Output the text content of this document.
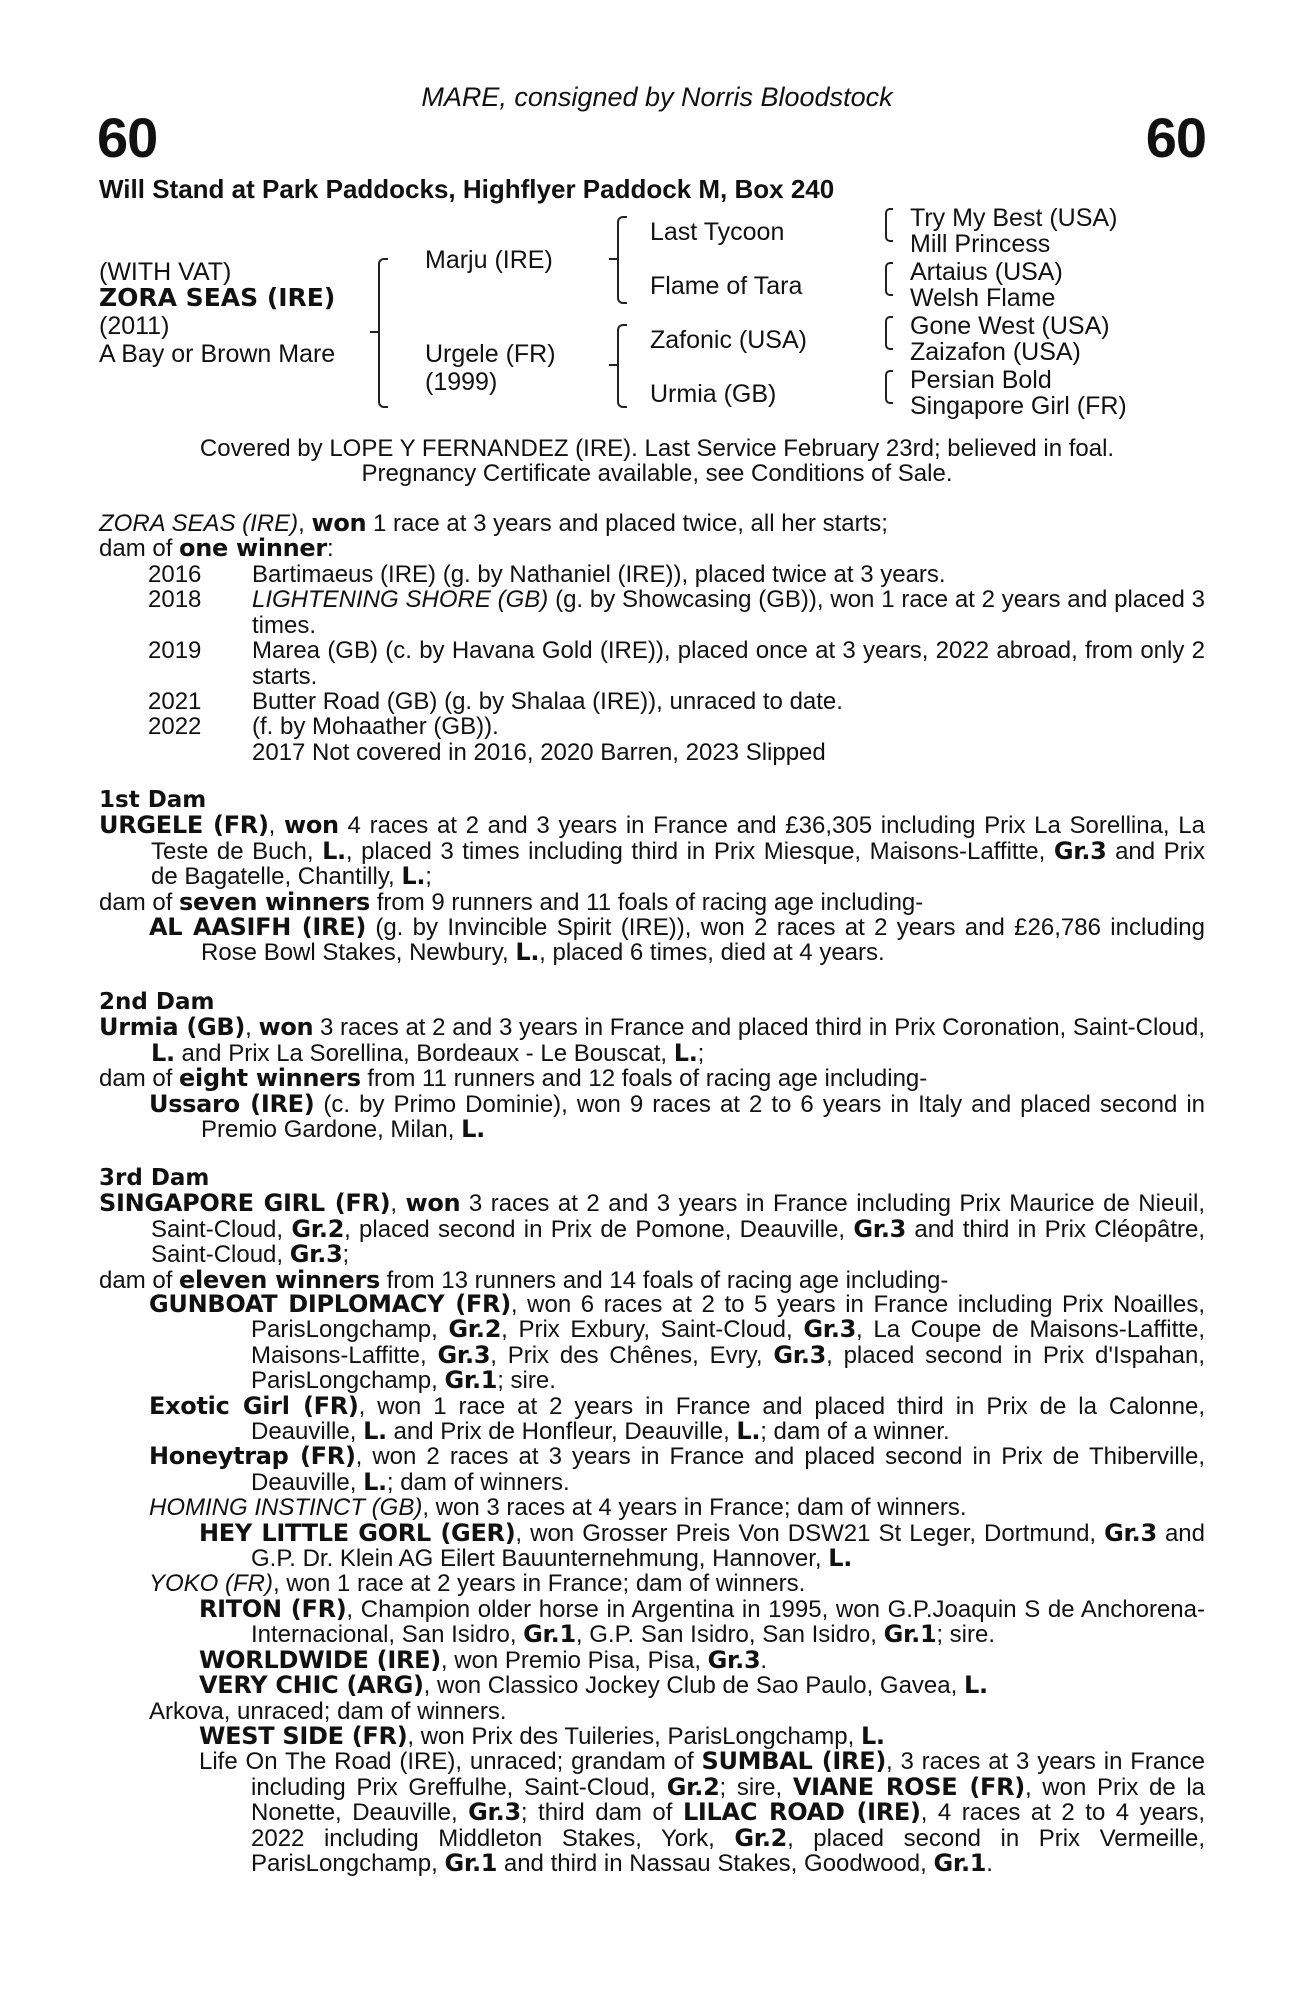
MARE, consigned by Norris Bloodstock
60	60
Will Stand at Park Paddocks, Highflyer Paddock M, Box 240
(WITH VAT)
ZORA SEAS (IRE)
(2011)
A Bay or Brown Mare
Marju (IRE)
Urgele (FR)
(1999)
Last Tycoon
Flame of Tara
Zafonic (USA)
Urmia (GB)
Try My Best (USA)
Mill Princess
Artaius (USA)
Welsh Flame
Gone West (USA)
Zaizafon (USA)
Persian Bold
Singapore Girl (FR)
Covered by LOPE Y FERNANDEZ (IRE). Last Service February 23rd; believed in foal.
Pregnancy Certificate available, see Conditions of Sale.

ZORA SEAS (IRE), won 1 race at 3 years and placed twice, all her starts;

dam of one winner:

2016 Bartimaeus (IRE) (g. by Nathaniel (IRE)), placed twice at 3 years.
2018 LIGHTENING SHORE (GB) (g. by Showcasing (GB)), won 1 race at 2 years and placed 3 times.
2019 Marea (GB) (c. by Havana Gold (IRE)), placed once at 3 years, 2022 abroad, from only 2 starts.
2021 Butter Road (GB) (g. by Shalaa (IRE)), unraced to date.
2022 (f. by Mohaather (GB)).
2017 Not covered in 2016, 2020 Barren, 2023 Slipped
1st Dam

URGELE (FR), won 4 races at 2 and 3 years in France and £36,305 including Prix La Sorellina, La Teste de Buch, L., placed 3 times including third in Prix Miesque, Maisons-Laffitte, Gr.3 and Prix de Bagatelle, Chantilly, L.;

dam of seven winners from 9 runners and 11 foals of racing age including-

AL AASIFH (IRE) (g. by Invincible Spirit (IRE)), won 2 races at 2 years and £26,786 including Rose Bowl Stakes, Newbury, L., placed 6 times, died at 4 years.

2nd Dam

Urmia (GB), won 3 races at 2 and 3 years in France and placed third in Prix Coronation, Saint-Cloud, L. and Prix La Sorellina, Bordeaux - Le Bouscat, L.;

dam of eight winners from 11 runners and 12 foals of racing age including-

Ussaro (IRE) (c. by Primo Dominie), won 9 races at 2 to 6 years in Italy and placed second in Premio Gardone, Milan, L.

3rd Dam

SINGAPORE GIRL (FR), won 3 races at 2 and 3 years in France including Prix Maurice de Nieuil, Saint-Cloud, Gr.2, placed second in Prix de Pomone, Deauville, Gr.3 and third in Prix Cléopâtre, Saint-Cloud, Gr.3;

dam of eleven winners from 13 runners and 14 foals of racing age including-

GUNBOAT DIPLOMACY (FR), won 6 races at 2 to 5 years in France including Prix Noailles, ParisLongchamp, Gr.2, Prix Exbury, Saint-Cloud, Gr.3, La Coupe de Maisons-Laffitte, Maisons-Laffitte, Gr.3, Prix des Chênes, Evry, Gr.3, placed second in Prix d'Ispahan, ParisLongchamp, Gr.1; sire.

Exotic Girl (FR), won 1 race at 2 years in France and placed third in Prix de la Calonne, Deauville, L. and Prix de Honfleur, Deauville, L.; dam of a winner.

Honeytrap (FR), won 2 races at 3 years in France and placed second in Prix de Thiberville, Deauville, L.; dam of winners.

HOMING INSTINCT (GB), won 3 races at 4 years in France; dam of winners.

HEY LITTLE GORL (GER), won Grosser Preis Von DSW21 St Leger, Dortmund, Gr.3 and G.P. Dr. Klein AG Eilert Bauunternehmung, Hannover, L.

YOKO (FR), won 1 race at 2 years in France; dam of winners.

RITON (FR), Champion older horse in Argentina in 1995, won G.P.Joaquin S de Anchorena-Internacional, San Isidro, Gr.1, G.P. San Isidro, San Isidro, Gr.1; sire.

WORLDWIDE (IRE), won Premio Pisa, Pisa, Gr.3.

VERY CHIC (ARG), won Classico Jockey Club de Sao Paulo, Gavea, L.

Arkova, unraced; dam of winners.

WEST SIDE (FR), won Prix des Tuileries, ParisLongchamp, L.

Life On The Road (IRE), unraced; grandam of SUMBAL (IRE), 3 races at 3 years in France including Prix Greffulhe, Saint-Cloud, Gr.2; sire, VIANE ROSE (FR), won Prix de la Nonette, Deauville, Gr.3; third dam of LILAC ROAD (IRE), 4 races at 2 to 4 years, 2022 including Middleton Stakes, York, Gr.2, placed second in Prix Vermeille, ParisLongchamp, Gr.1 and third in Nassau Stakes, Goodwood, Gr.1.
